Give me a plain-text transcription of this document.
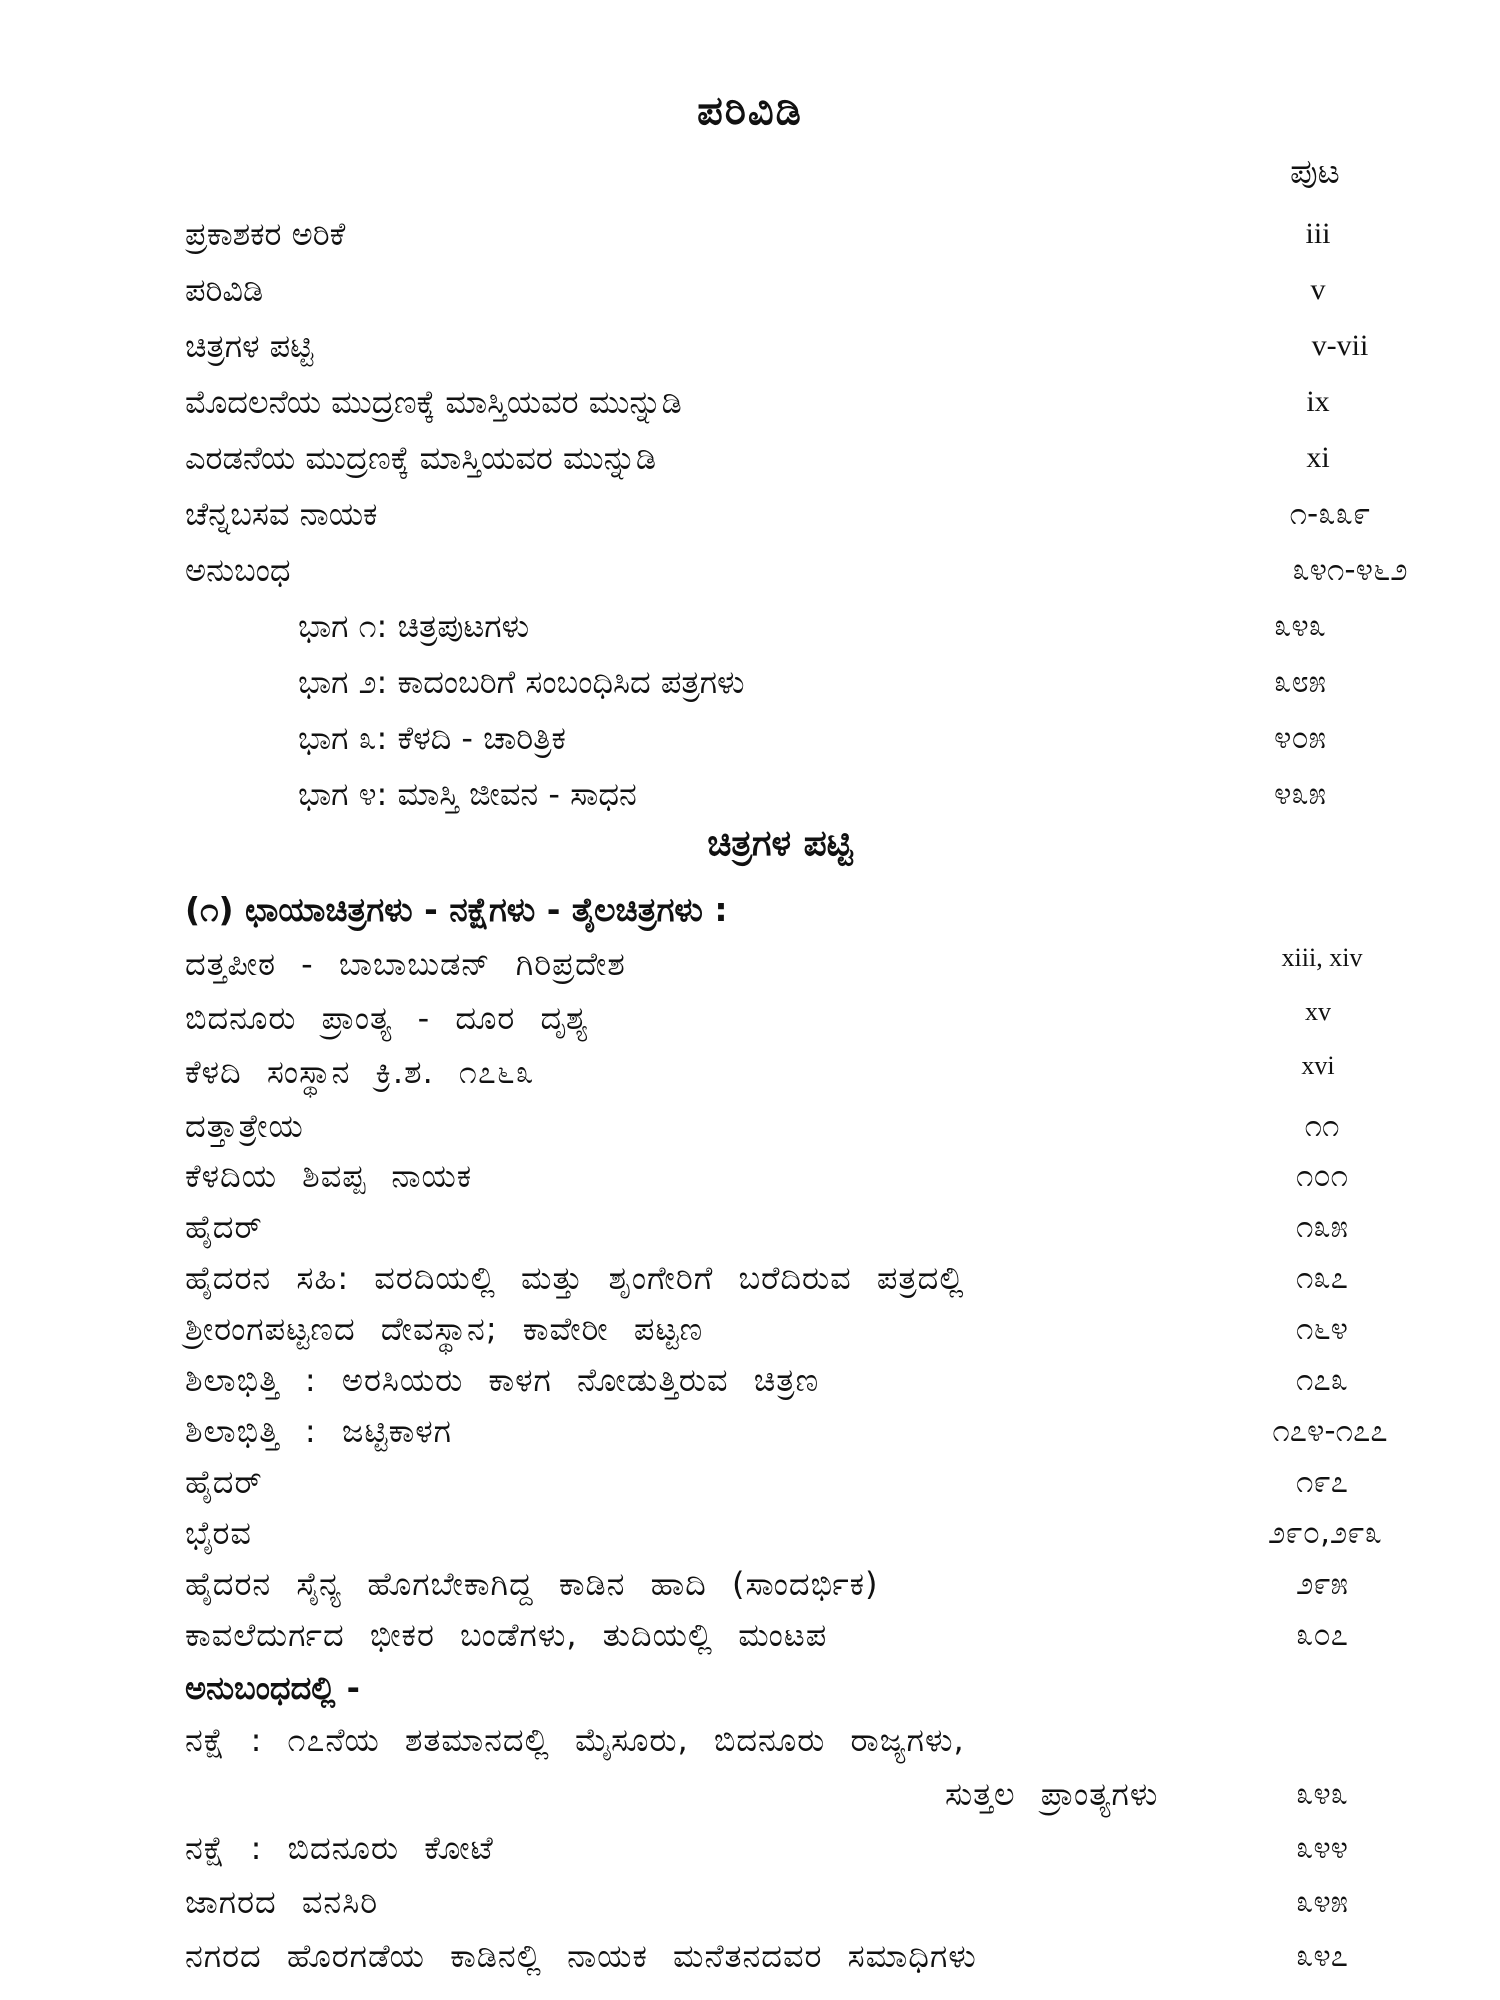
ಪರಿವಿಡಿ
ಪುಟ
ಪ್ರಕಾಶಕರ ಅರಿಕೆ	iii
ಪರಿವಿಡಿ	v
ಚಿತ್ರಗಳ ಪಟ್ಟಿ	v-vii
ಮೊದಲನೆಯ ಮುದ್ರಣಕ್ಕೆ ಮಾಸ್ತಿಯವರ ಮುನ್ನುಡಿ	ix
ಎರಡನೆಯ ಮುದ್ರಣಕ್ಕೆ ಮಾಸ್ತಿಯವರ ಮುನ್ನುಡಿ	xi
ಚೆನ್ನಬಸವ ನಾಯಕ	೧-೩೩೯
ಅನುಬಂಧ	೩೪೧-೪೬೨
ಭಾಗ ೧: ಚಿತ್ರಪುಟಗಳು	೩೪೩
ಭಾಗ ೨: ಕಾದಂಬರಿಗೆ ಸಂಬಂಧಿಸಿದ ಪತ್ರಗಳು	೩೮೫
ಭಾಗ ೩: ಕೆಳದಿ - ಚಾರಿತ್ರಿಕ	೪೦೫
ಭಾಗ ೪: ಮಾಸ್ತಿ ಜೀವನ - ಸಾಧನ	೪೩೫
ಚಿತ್ರಗಳ ಪಟ್ಟಿ
(೧) ಛಾಯಾಚಿತ್ರಗಳು - ನಕ್ಷೆಗಳು - ತೈಲಚಿತ್ರಗಳು :
ದತ್ತಪೀಠ - ಬಾಬಾಬುಡನ್ ಗಿರಿಪ್ರದೇಶ	xiii, xiv
ಬಿದನೂರು ಪ್ರಾಂತ್ಯ - ದೂರ ದೃಶ್ಯ	xv
ಕೆಳದಿ ಸಂಸ್ಥಾನ ಕ್ರಿ.ಶ. ೧೭೬೩	xvi
ದತ್ತಾತ್ರೇಯ	೧೧
ಕೆಳದಿಯ ಶಿವಪ್ಪ ನಾಯಕ	೧೦೧
ಹೈದರ್	೧೩೫
ಹೈದರನ ಸಹಿ: ವರದಿಯಲ್ಲಿ ಮತ್ತು ಶೃಂಗೇರಿಗೆ ಬರೆದಿರುವ ಪತ್ರದಲ್ಲಿ	೧೩೭
ಶ್ರೀರಂಗಪಟ್ಟಣದ ದೇವಸ್ಥಾನ; ಕಾವೇರೀ ಪಟ್ಟಣ	೧೬೪
ಶಿಲಾಭಿತ್ತಿ : ಅರಸಿಯರು ಕಾಳಗ ನೋಡುತ್ತಿರುವ ಚಿತ್ರಣ	೧೭೩
ಶಿಲಾಭಿತ್ತಿ : ಜಟ್ಟಿಕಾಳಗ	೧೭೪-೧೭೭
ಹೈದರ್	೧೯೭
ಭೈರವ	೨೯೦,೨೯೩
ಹೈದರನ ಸೈನ್ಯ ಹೊಗಬೇಕಾಗಿದ್ದ ಕಾಡಿನ ಹಾದಿ (ಸಾಂದರ್ಭಿಕ)	೨೯೫
ಕಾವಲೆದುರ್ಗದ ಭೀಕರ ಬಂಡೆಗಳು, ತುದಿಯಲ್ಲಿ ಮಂಟಪ	೩೦೭
ಅನುಬಂಧದಲ್ಲಿ -
ನಕ್ಷೆ : ೧೭ನೆಯ ಶತಮಾನದಲ್ಲಿ ಮೈಸೂರು, ಬಿದನೂರು ರಾಜ್ಯಗಳು,
ಸುತ್ತಲ ಪ್ರಾಂತ್ಯಗಳು	೩೪೩
ನಕ್ಷೆ : ಬಿದನೂರು ಕೋಟೆ	೩೪೪
ಜಾಗರದ ವನಸಿರಿ	೩೪೫
ನಗರದ ಹೊರಗಡೆಯ ಕಾಡಿನಲ್ಲಿ ನಾಯಕ ಮನೆತನದವರ ಸಮಾಧಿಗಳು	೩೪೭
